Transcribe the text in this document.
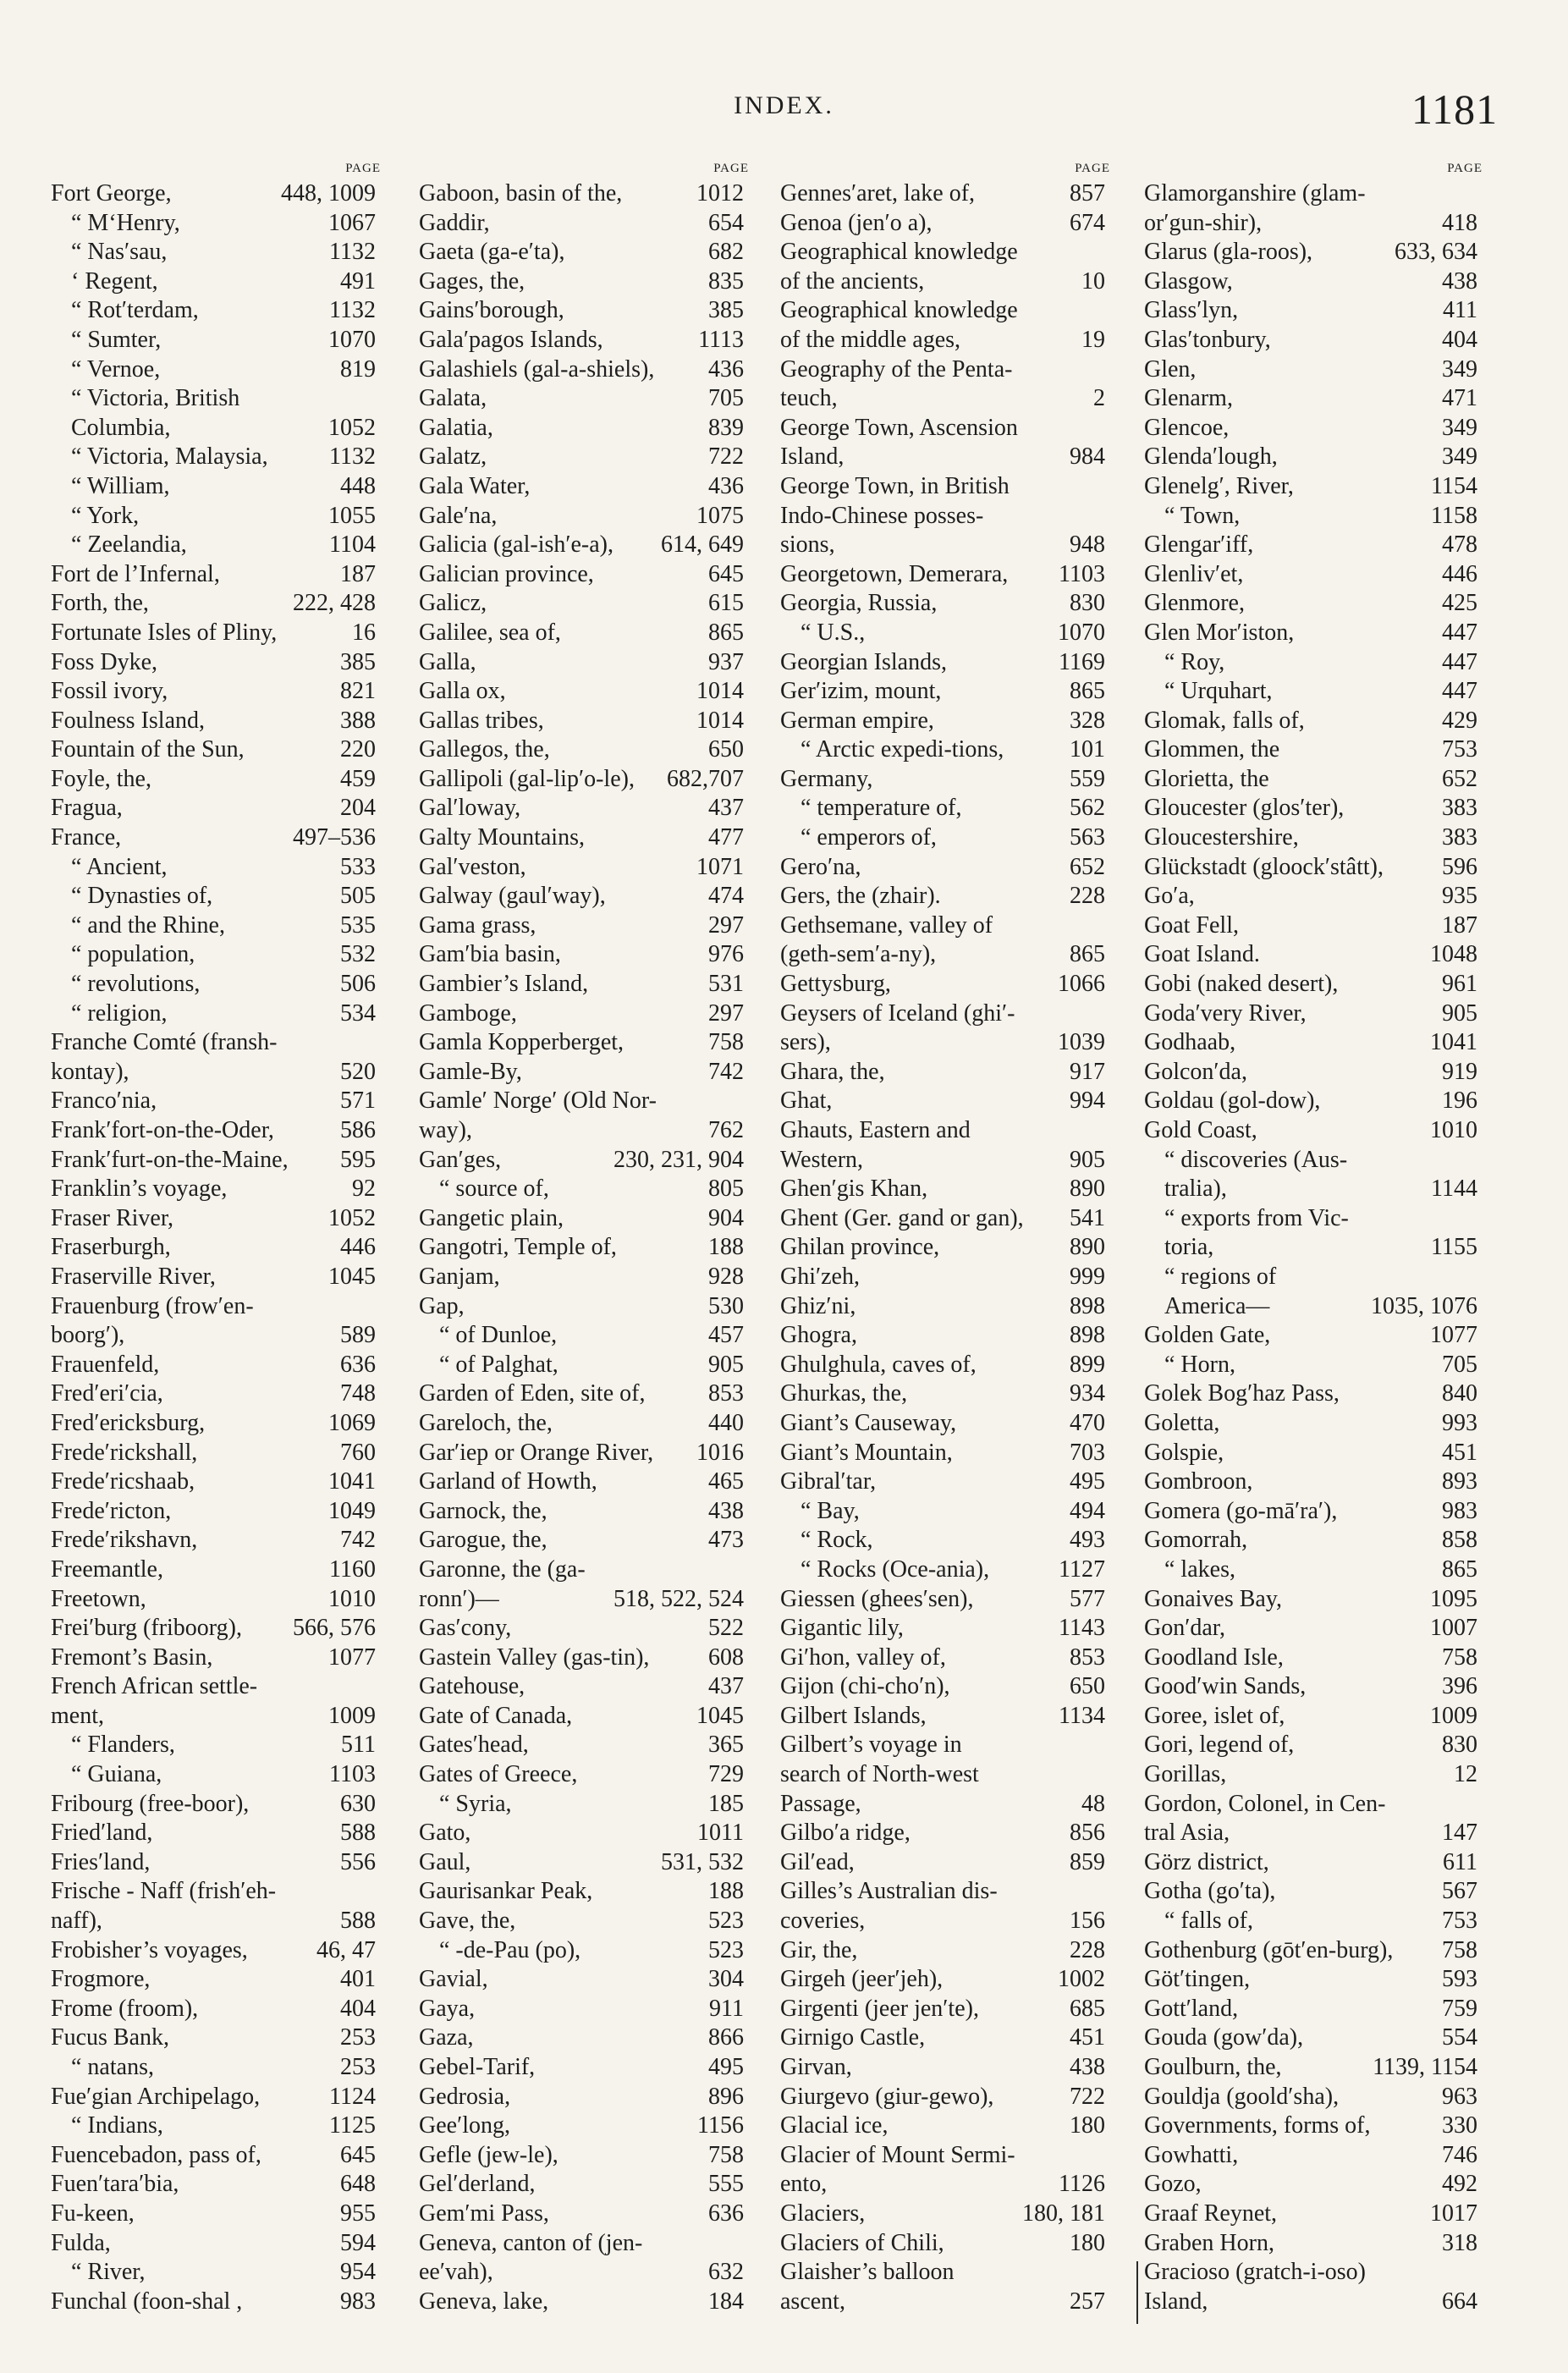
INDEX.	1181
PAGE
Fort George,	448, 1009
“ M‘Henry,	1067
“ Nas′sau,	1132
‘ Regent,	491
“ Rot′terdam,	1132
“ Sumter,	1070
“ Vernoe,	819
“ Victoria, British Columbia,	1052
“ Victoria, Malaysia,	1132
“ William,	448
“ York,	1055
“ Zeelandia,	1104
Fort de l’Infernal,	187
Forth, the,	222, 428
Fortunate Isles of Pliny,	16
Foss Dyke,	385
Fossil ivory,	821
Foulness Island,	388
Fountain of the Sun,	220
Foyle, the,	459
Fragua,	204
France,	497–536
“ Ancient,	533
“ Dynasties of,	505
“ and the Rhine,	535
“ population,	532
“ revolutions,	506
“ religion,	534
Franche Comté (fransh-kontay),	520
Franco′nia,	571
Frank′fort-on-the-Oder,	586
Frank′furt-on-the-Maine,	595
Franklin’s voyage,	92
Fraser River,	1052
Fraserburgh,	446
Fraserville River,	1045
Frauenburg (frow′en-boorg′),	589
Frauenfeld,	636
Fred′eri′cia,	748
Fred′ericksburg,	1069
Frede′rickshall,	760
Frede′ricshaab,	1041
Frede′ricton,	1049
Frede′rikshavn,	742
Freemantle,	1160
Freetown,	1010
Frei′burg (friboorg),	566, 576
Fremont’s Basin,	1077
French African settle-ment,	1009
“ Flanders,	511
“ Guiana,	1103
Fribourg (free-boor),	630
Fried′land,	588
Fries′land,	556
Frische - Naff (frish′eh-naff),	588
Frobisher’s voyages,	46, 47
Frogmore,	401
Frome (froom),	404
Fucus Bank,	253
“ natans,	253
Fue′gian Archipelago,	1124
“ Indians,	1125
Fuencebadon, pass of,	645
Fuen′tara′bia,	648
Fu-keen,	955
Fulda,	594
“ River,	954
Funchal (foon-shal ,	983
PAGE
Gaboon, basin of the,	1012
Gaddir,	654
Gaeta (ga-e′ta),	682
Gages, the,	835
Gains′borough,	385
Gala′pagos Islands,	1113
Galashiels (gal-a-shiels),	436
Galata,	705
Galatia,	839
Galatz,	722
Gala Water,	436
Gale′na,	1075
Galicia (gal-ish′e-a),	614, 649
Galician province,	645
Galicz,	615
Galilee, sea of,	865
Galla,	937
Galla ox,	1014
Gallas tribes,	1014
Gallegos, the,	650
Gallipoli (gal-lip′o-le),	682,707
Gal′loway,	437
Galty Mountains,	477
Gal′veston,	1071
Galway (gaul′way),	474
Gama grass,	297
Gam′bia basin,	976
Gambier’s Island,	531
Gamboge,	297
Gamla Kopperberget,	758
Gamle-By,	742
Gamle′ Norge′ (Old Nor-way),	762
Gan′ges,	230, 231, 904
“ source of,	805
Gangetic plain,	904
Gangotri, Temple of,	188
Ganjam,	928
Gap,	530
“ of Dunloe,	457
“ of Palghat,	905
Garden of Eden, site of,	853
Gareloch, the,	440
Gar′iep or Orange River,	1016
Garland of Howth,	465
Garnock, the,	438
Garogue, the,	473
Garonne, the (ga-ronn′)—	518, 522, 524
Gas′cony,	522
Gastein Valley (gas-tin),	608
Gatehouse,	437
Gate of Canada,	1045
Gates′head,	365
Gates of Greece,	729
“ Syria,	185
Gato,	1011
Gaul,	531, 532
Gaurisankar Peak,	188
Gave, the,	523
“ -de-Pau (po),	523
Gavial,	304
Gaya,	911
Gaza,	866
Gebel-Tarif,	495
Gedrosia,	896
Gee′long,	1156
Gefle (jew-le),	758
Gel′derland,	555
Gem′mi Pass,	636
Geneva, canton of (jen-ee′vah),	632
Geneva, lake,	184
PAGE
Gennes′aret, lake of,	857
Genoa (jen′o a),	674
Geographical knowledge of the ancients,	10
Geographical knowledge of the middle ages,	19
Geography of the Penta-teuch,	2
George Town, Ascension Island,	984
George Town, in British Indo-Chinese posses-sions,	948
Georgetown, Demerara,	1103
Georgia, Russia,	830
“ U.S.,	1070
Georgian Islands,	1169
Ger′izim, mount,	865
German empire,	328
“ Arctic expedi-tions,	101
Germany,	559
“ temperature of,	562
“ emperors of,	563
Gero′na,	652
Gers, the (zhair).	228
Gethsemane, valley of (geth-sem′a-ny),	865
Gettysburg,	1066
Geysers of Iceland (ghi′-sers),	1039
Ghara, the,	917
Ghat,	994
Ghauts, Eastern and Western,	905
Ghen′gis Khan,	890
Ghent (Ger. gand or gan),	541
Ghilan province,	890
Ghi′zeh,	999
Ghiz′ni,	898
Ghogra,	898
Ghulghula, caves of,	899
Ghurkas, the,	934
Giant’s Causeway,	470
Giant’s Mountain,	703
Gibral′tar,	495
“ Bay,	494
“ Rock,	493
“ Rocks (Oce-ania),	1127
Giessen (ghees′sen),	577
Gigantic lily,	1143
Gi′hon, valley of,	853
Gijon (chi-cho′n),	650
Gilbert Islands,	1134
Gilbert’s voyage in search of North-west Passage,	48
Gilbo′a ridge,	856
Gil′ead,	859
Gilles’s Australian dis-coveries,	156
Gir, the,	228
Girgeh (jeer′jeh),	1002
Girgenti (jeer jen′te),	685
Girnigo Castle,	451
Girvan,	438
Giurgevo (giur-gewo),	722
Glacial ice,	180
Glacier of Mount Sermi-ento,	1126
Glaciers,	180, 181
Glaciers of Chili,	180
Glaisher’s balloon ascent,	257
PAGE
Glamorganshire (glam-or′gun-shir),	418
Glarus (gla-roos),	633, 634
Glasgow,	438
Glass′lyn,	411
Glas′tonbury,	404
Glen,	349
Glenarm,	471
Glencoe,	349
Glenda′lough,	349
Glenelg′, River,	1154
“ Town,	1158
Glengar′iff,	478
Glenliv′et,	446
Glenmore,	425
Glen Mor′iston,	447
“ Roy,	447
“ Urquhart,	447
Glomak, falls of,	429
Glommen, the	753
Glorietta, the	652
Gloucester (glos′ter),	383
Gloucestershire,	383
Glückstadt (gloock′stâtt),	596
Go′a,	935
Goat Fell,	187
Goat Island.	1048
Gobi (naked desert),	961
Goda′very River,	905
Godhaab,	1041
Golcon′da,	919
Goldau (gol-dow),	196
Gold Coast,	1010
“ discoveries (Aus-tralia),	1144
“ exports from Vic-toria,	1155
“ regions of America—	1035, 1076
Golden Gate,	1077
“ Horn,	705
Golek Bog′haz Pass,	840
Goletta,	993
Golspie,	451
Gombroon,	893
Gomera (go-mā′ra′),	983
Gomorrah,	858
“ lakes,	865
Gonaives Bay,	1095
Gon′dar,	1007
Goodland Isle,	758
Good′win Sands,	396
Goree, islet of,	1009
Gori, legend of,	830
Gorillas,	12
Gordon, Colonel, in Cen-tral Asia,	147
Görz district,	611
Gotha (go′ta),	567
“ falls of,	753
Gothenburg (gōt′en-burg),	758
Göt′tingen,	593
Gott′land,	759
Gouda (gow′da),	554
Goulburn, the,	1139, 1154
Gouldja (goold′sha),	963
Governments, forms of,	330
Gowhatti,	746
Gozo,	492
Graaf Reynet,	1017
Graben Horn,	318
Gracioso (gratch-i-oso) Island,	664
